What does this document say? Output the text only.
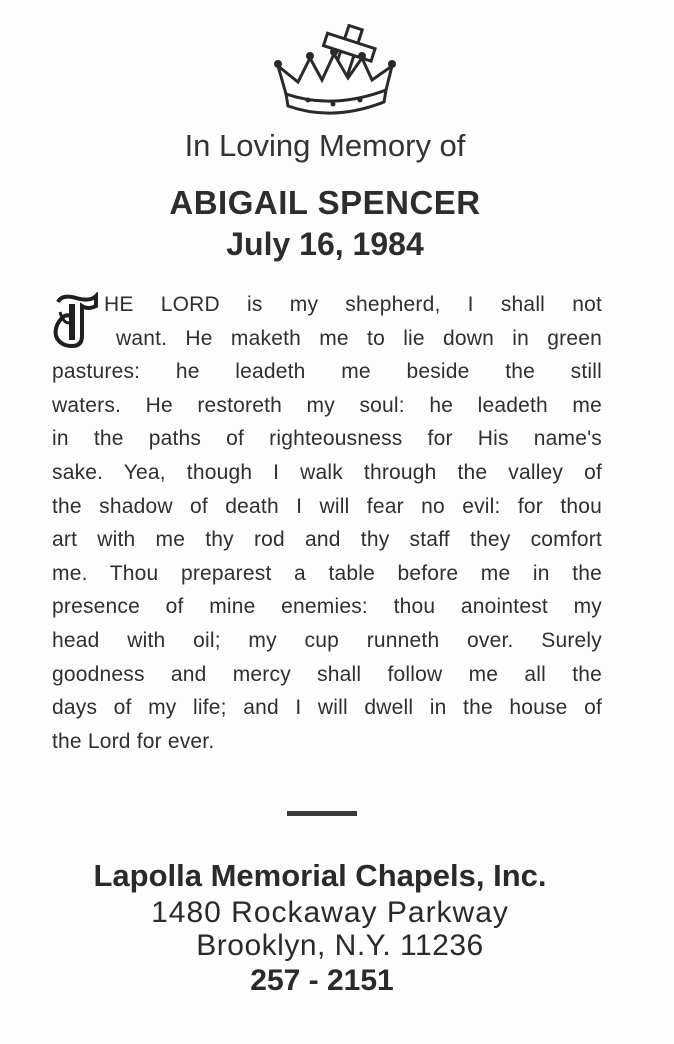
In Loving Memory of
ABIGAIL SPENCER
July 16, 1984
HE LORD is my shepherd, I shall not
want. He maketh me to lie down in green
pastures: he leadeth me beside the still
waters. He restoreth my soul: he leadeth me
in the paths of righteousness for His name's
sake. Yea, though I walk through the valley of
the shadow of death I will fear no evil: for thou
art with me thy rod and thy staff they comfort
me. Thou preparest a table before me in the
presence of mine enemies: thou anointest my
head with oil; my cup runneth over. Surely
goodness and mercy shall follow me all the
days of my life; and I will dwell in the house of
the Lord for ever.
Lapolla Memorial Chapels, Inc.
1480 Rockaway Parkway
Brooklyn, N.Y. 11236
257 - 2151
